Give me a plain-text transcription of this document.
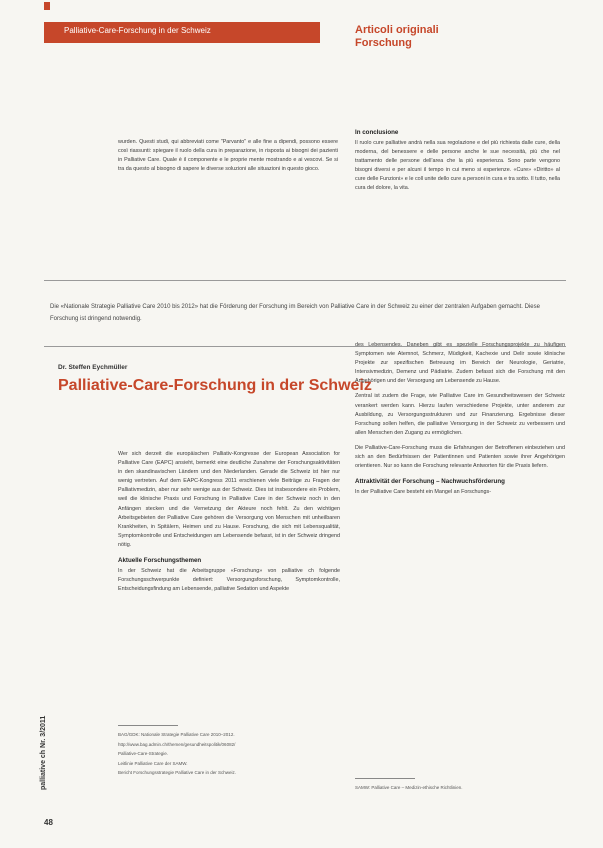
Palliative-Care-Forschung in der Schweiz	Articoli originali
Forschung
wurden. Questi studi, qui abbreviati come "Parvanto" e alle fine a dipendi, possono essere così riassunti: spiegare il ruolo della cura in preparazione, in risposta ai bisogni dei pazienti in Palliative Care. Quale è il componente e le proprie mente mostrando e ai vescovi. Se si tra da questo al bisogno di sapere le diverse soluzioni alle situazioni in questo gioco.
In conclusione
Il ruolo cure palliative andrà nella sua regolazione e del più richiesta dalle cure, della moderna, del benessere e delle persone anche le sue necessità, più che nel trattamento delle persone dell'area che la più esperienza. Sono parte vengono bisogni diversi e per alcuni il tempo in cui meno si esperienze. «Cure» «Diritto» al cure delle Funzioni» e le coll unite dello cure a personi in cura e tra sotto. Il tutto, nella cura del dolore, la vita.
Die «Nationale Strategie Palliative Care 2010 bis 2012» hat die Förderung der Forschung im Bereich von Palliative Care in der Schweiz zu einer der zentralen Aufgaben gemacht. Diese Forschung ist dringend notwendig.
Dr. Steffen Eychmüller
Palliative-Care-Forschung in der Schweiz

Wer sich derzeit die europäischen Palliativ-Kongresse der European Association for Palliative Care (EAPC) ansieht, bemerkt eine deutliche Zunahme der Forschungsaktivitäten in den skandinavischen Ländern und den Niederlanden. Gerade die Schweiz ist hier nur wenig vertreten. Auf dem EAPC-Kongress 2011 erschienen viele Beiträge zu Fragen der Palliativmedizin, aber nur sehr wenige aus der Schweiz. Dies ist insbesondere ein Problem, weil die klinische Praxis und Forschung in Palliative Care in der Schweiz noch in den Anfängen stecken und die Vernetzung der Akteure noch fehlt. Zu den wichtigen Arbeitsgebieten der Palliative Care gehören die Versorgung von Menschen mit unheilbaren Krankheiten, in Spitälern, Heimen und zu Hause. Forschung, die sich mit Lebensqualität, Symptomkontrolle und Entscheidungen am Lebensende befasst, ist in der Schweiz dringend nötig.

Aktuelle Forschungsthemen

In der Schweiz hat die Arbeitsgruppe «Forschung» von palliative ch folgende Forschungsschwerpunkte definiert: Versorgungsforschung, Symptomkontrolle, Entscheidungsfindung am Lebensende, palliative Sedation und Aspekte

des Lebensendes. Daneben gibt es spezielle Forschungsprojekte zu häufigen Symptomen wie Atemnot, Schmerz, Müdigkeit, Kachexie und Delir sowie klinische Projekte zur spezifischen Betreuung im Bereich der Neurologie, Geriatrie, Intensivmedizin, Demenz und Pädiatrie. Zudem befasst sich die Forschung mit den Angehörigen und der Versorgung am Lebensende zu Hause.

Zentral ist zudem die Frage, wie Palliative Care im Gesundheitswesen der Schweiz verankert werden kann. Hierzu laufen verschiedene Projekte, unter anderem zur Ausbildung, zu Versorgungsstrukturen und zur Finanzierung. Ergebnisse dieser Forschung sollen helfen, die palliative Versorgung in der Schweiz zu verbessern und allen Menschen den Zugang zu ermöglichen.

Die Palliative-Care-Forschung muss die Erfahrungen der Betroffenen einbeziehen und sich an den Bedürfnissen der Patientinnen und Patienten sowie ihrer Angehörigen orientieren. Nur so kann die Forschung relevante Antworten für die Praxis liefern.

Attraktivität der Forschung – Nachwuchsförderung

In der Palliative Care besteht ein Mangel an Forschungs-

BAG/GDK: Nationale Strategie Palliative Care 2010–2012.
http://www.bag.admin.ch/themen/gesundheitspolitik/06082/
Palliative-Care-Strategie.
Leitlinie Palliative Care der SAMW.
Bericht Forschungsstrategie Palliative Care in der Schweiz.
SAMW: Palliative Care – Medizin-ethische Richtlinien.
palliative ch Nr. 3/2011
48
